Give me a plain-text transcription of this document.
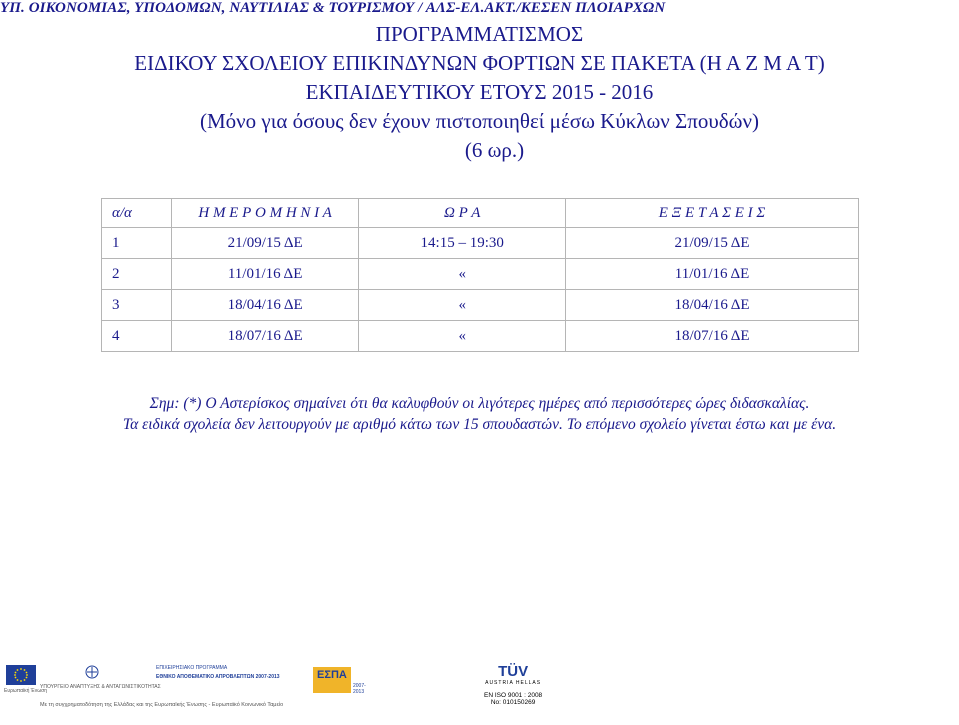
ΥΠ. ΟΙΚΟΝΟΜΙΑΣ, ΥΠΟΔΟΜΩΝ, ΝΑΥΤΙΛΙΑΣ & ΤΟΥΡΙΣΜΟΥ / ΑΛΣ-ΕΛ.ΑΚΤ./ΚΕΣΕΝ ΠΛΟΙΑΡΧΩΝ
ΠΡΟΓΡΑΜΜΑΤΙΣΜΟΣ
ΕΙΔΙΚΟΥ ΣΧΟΛΕΙΟΥ ΕΠΙΚΙΝΔΥΝΩΝ ΦΟΡΤΙΩΝ ΣΕ ΠΑΚΕΤΑ (Η Α Ζ Μ Α Τ)
ΕΚΠΑΙΔΕΥΤΙΚΟΥ ΕΤΟΥΣ 2015 - 2016
(Μόνο για όσους δεν έχουν πιστοποιηθεί μέσω Κύκλων Σπουδών)
(6 ωρ.)
α/α	Η Μ Ε Ρ Ο Μ Η Ν Ι Α	Ω Ρ Α	Ε Ξ Ε Τ Α Σ Ε Ι Σ
1	21/09/15 ΔΕ	14:15 – 19:30	21/09/15 ΔΕ
2	11/01/16 ΔΕ	«	11/01/16 ΔΕ
3	18/04/16 ΔΕ	«	18/04/16 ΔΕ
4	18/07/16 ΔΕ	«	18/07/16 ΔΕ
Σημ: (*) Ο Αστερίσκος σημαίνει ότι θα καλυφθούν οι λιγότερες ημέρες από περισσότερες ώρες διδασκαλίας.
Τα ειδικά σχολεία δεν λειτουργούν με αριθμό κάτω των 15 σπουδαστών. Το επόμενο σχολείο γίνεται έστω και με ένα.
Ευρωπαϊκή Ένωση
ΥΠΟΥΡΓΕΙΟ ΑΝΑΠΤΥΞΗΣ & ΑΝΤΑΓΩΝΙΣΤΙΚΟΤΗΤΑΣ
ΕΠΙΧΕΙΡΗΣΙΑΚΟ ΠΡΟΓΡΑΜΜΑ
ΕΘΝΙΚΟ ΑΠΟΘΕΜΑΤΙΚΟ ΑΠΡΟΒΛΕΠΤΩΝ 2007-2013	ΕΣΠΑ
2007-2013
Με τη συγχρηματοδότηση της Ελλάδας και της Ευρωπαϊκής Ένωσης - Ευρωπαϊκό Κοινωνικό Ταμείο
TÜV
AUSTRIA HELLAS
EN ISO 9001 : 2008
No: 010150269
